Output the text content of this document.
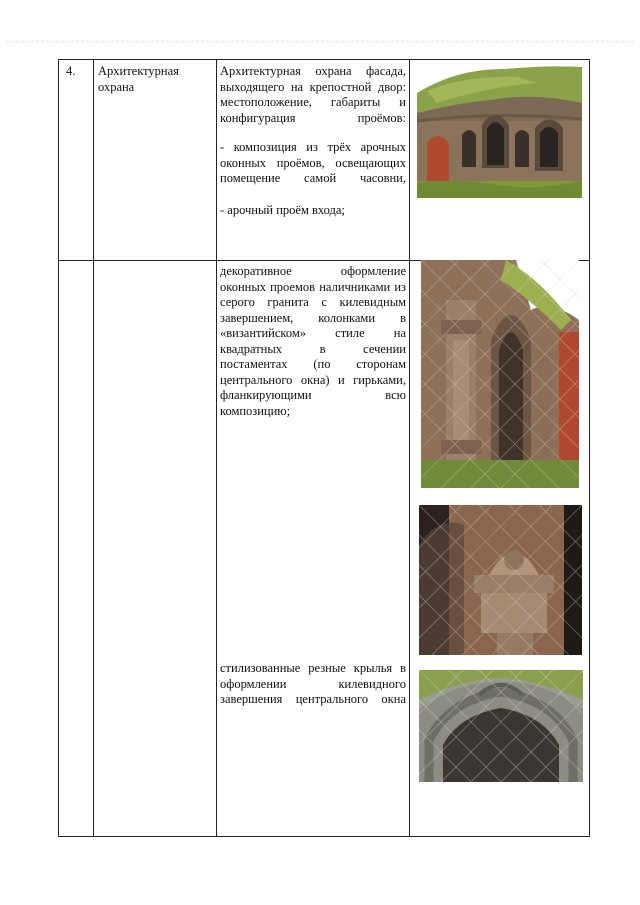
4.	Архитектурная охрана
Архитектурная охрана фасада, выходящего на крепостной двор: местоположение, габариты и конфигурация проёмов:
- композиция из трёх арочных оконных проёмов, освещающих помещение самой часовни,
- арочный проём входа;
декоративное оформление оконных проемов наличниками из серого гранита с килевидным завершением, колонками в «византийском» стиле на квадратных в сечении постаментах (по сторонам центрального окна) и гирьками, фланкирующими всю композицию;
стилизованные резные крылья в оформлении килевидного завершения центрального окна
